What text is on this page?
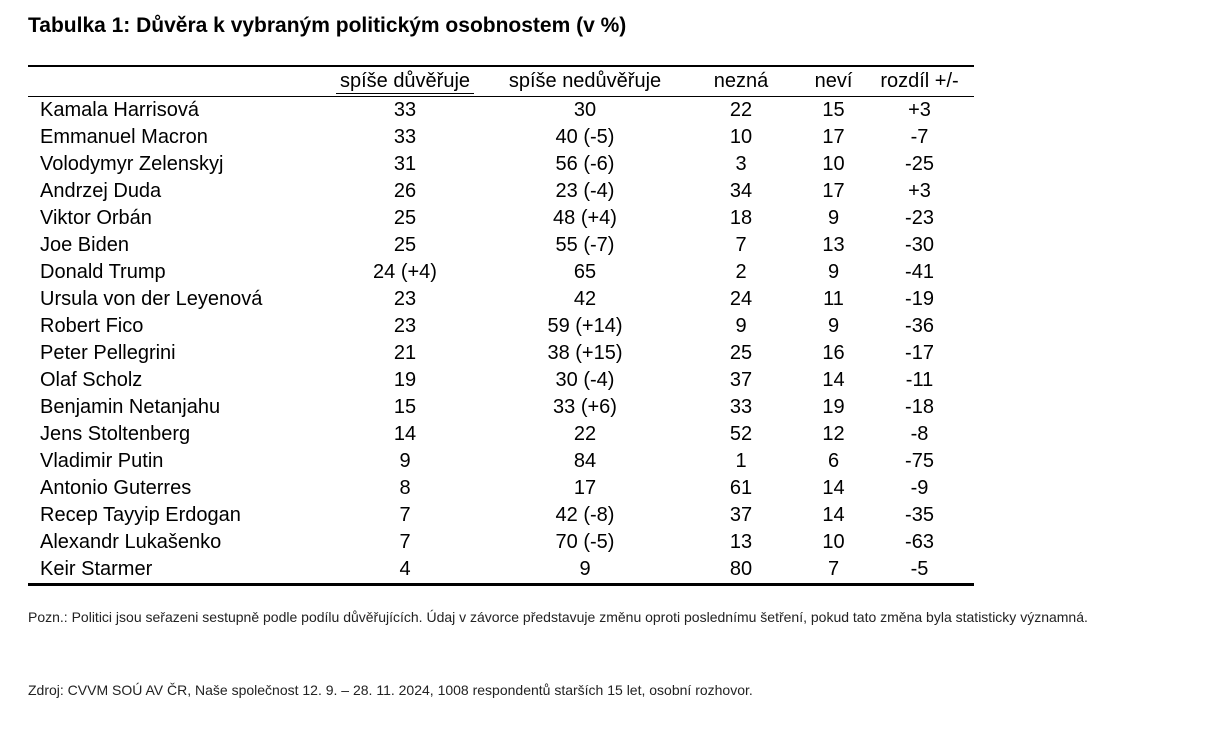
Tabulka 1: Důvěra k vybraným politickým osobnostem (v %)
	spíše důvěřuje	spíše nedůvěřuje	nezná	neví	rozdíl +/-
Kamala Harrisová	33	30	22	15	+3
Emmanuel Macron	33	40 (-5)	10	17	-7
Volodymyr Zelenskyj	31	56 (-6)	3	10	-25
Andrzej Duda	26	23 (-4)	34	17	+3
Viktor Orbán	25	48 (+4)	18	9	-23
Joe Biden	25	55 (-7)	7	13	-30
Donald Trump	24 (+4)	65	2	9	-41
Ursula von der Leyenová	23	42	24	11	-19
Robert Fico	23	59 (+14)	9	9	-36
Peter Pellegrini	21	38 (+15)	25	16	-17
Olaf Scholz	19	30 (-4)	37	14	-11
Benjamin Netanjahu	15	33 (+6)	33	19	-18
Jens Stoltenberg	14	22	52	12	-8
Vladimir Putin	9	84	1	6	-75
Antonio Guterres	8	17	61	14	-9
Recep Tayyip Erdogan	7	42 (-8)	37	14	-35
Alexandr Lukašenko	7	70 (-5)	13	10	-63
Keir Starmer	4	9	80	7	-5
Pozn.: Politici jsou seřazeni sestupně podle podílu důvěřujících. Údaj v závorce představuje změnu oproti poslednímu šetření, pokud tato změna byla statisticky významná.
Zdroj: CVVM SOÚ AV ČR, Naše společnost 12. 9. – 28. 11. 2024, 1008 respondentů starších 15 let, osobní rozhovor.
